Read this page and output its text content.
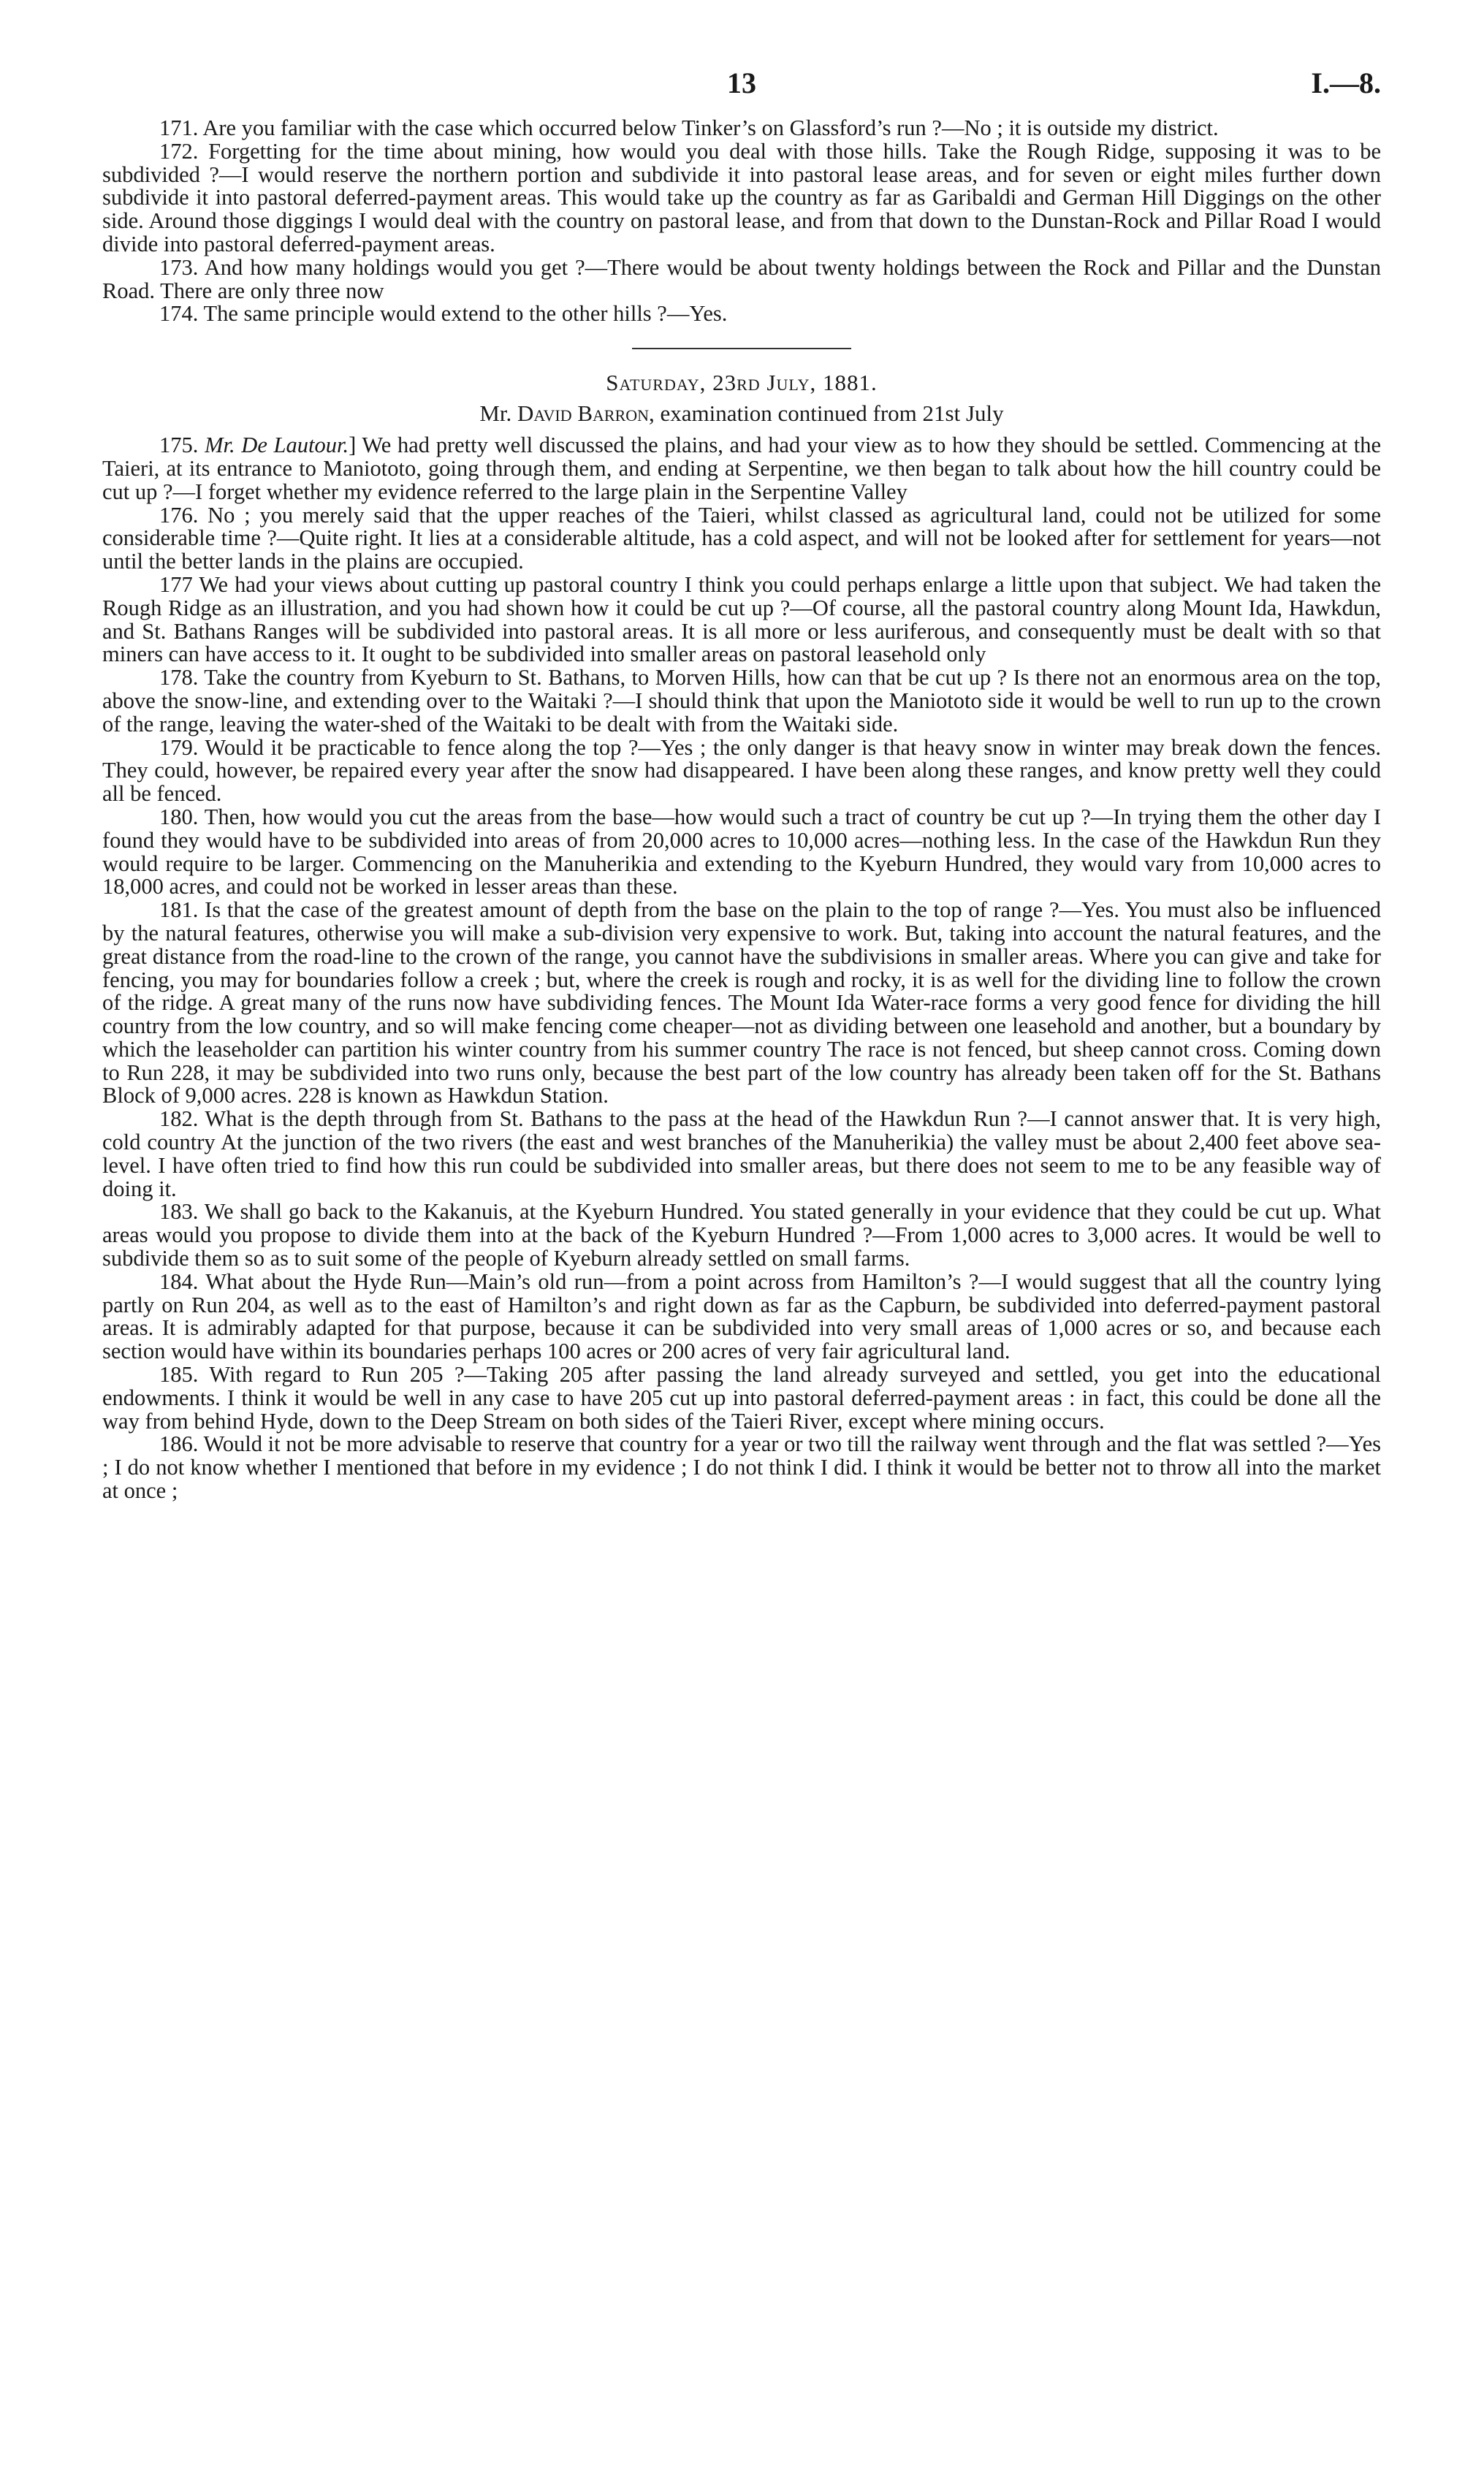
13	I.—8.

171. Are you familiar with the case which occurred below Tinker’s on Glassford’s run ?—No ; it is outside my district.

172. Forgetting for the time about mining, how would you deal with those hills. Take the Rough Ridge, supposing it was to be subdivided ?—I would reserve the northern portion and subdivide it into pastoral lease areas, and for seven or eight miles further down subdivide it into pastoral deferred-payment areas. This would take up the country as far as Garibaldi and German Hill Diggings on the other side. Around those diggings I would deal with the country on pastoral lease, and from that down to the Dunstan-Rock and Pillar Road I would divide into pastoral deferred-payment areas.

173. And how many holdings would you get ?—There would be about twenty holdings between the Rock and Pillar and the Dunstan Road. There are only three now

174. The same principle would extend to the other hills ?—Yes.

Saturday, 23rd July, 1881.

Mr. David Barron, examination continued from 21st July

175. Mr. De Lautour.] We had pretty well discussed the plains, and had your view as to how they should be settled. Commencing at the Taieri, at its entrance to Maniototo, going through them, and ending at Serpentine, we then began to talk about how the hill country could be cut up ?—I forget whether my evidence referred to the large plain in the Serpentine Valley

176. No ; you merely said that the upper reaches of the Taieri, whilst classed as agricultural land, could not be utilized for some considerable time ?—Quite right. It lies at a considerable altitude, has a cold aspect, and will not be looked after for settlement for years—not until the better lands in the plains are occupied.

177 We had your views about cutting up pastoral country I think you could perhaps enlarge a little upon that subject. We had taken the Rough Ridge as an illustration, and you had shown how it could be cut up ?—Of course, all the pastoral country along Mount Ida, Hawkdun, and St. Bathans Ranges will be subdivided into pastoral areas. It is all more or less auriferous, and consequently must be dealt with so that miners can have access to it. It ought to be subdivided into smaller areas on pastoral leasehold only

178. Take the country from Kyeburn to St. Bathans, to Morven Hills, how can that be cut up ? Is there not an enormous area on the top, above the snow-line, and extending over to the Waitaki ?—I should think that upon the Maniototo side it would be well to run up to the crown of the range, leaving the water-shed of the Waitaki to be dealt with from the Waitaki side.

179. Would it be practicable to fence along the top ?—Yes ; the only danger is that heavy snow in winter may break down the fences. They could, however, be repaired every year after the snow had disappeared. I have been along these ranges, and know pretty well they could all be fenced.

180. Then, how would you cut the areas from the base—how would such a tract of country be cut up ?—In trying them the other day I found they would have to be subdivided into areas of from 20,000 acres to 10,000 acres—nothing less. In the case of the Hawkdun Run they would require to be larger. Commencing on the Manuherikia and extending to the Kyeburn Hundred, they would vary from 10,000 acres to 18,000 acres, and could not be worked in lesser areas than these.

181. Is that the case of the greatest amount of depth from the base on the plain to the top of range ?—Yes. You must also be influenced by the natural features, otherwise you will make a sub-division very expensive to work. But, taking into account the natural features, and the great distance from the road-line to the crown of the range, you cannot have the subdivisions in smaller areas. Where you can give and take for fencing, you may for boundaries follow a creek ; but, where the creek is rough and rocky, it is as well for the dividing line to follow the crown of the ridge. A great many of the runs now have subdividing fences. The Mount Ida Water-race forms a very good fence for dividing the hill country from the low country, and so will make fencing come cheaper—not as dividing between one leasehold and another, but a boundary by which the leaseholder can partition his winter country from his summer country The race is not fenced, but sheep cannot cross. Coming down to Run 228, it may be subdivided into two runs only, because the best part of the low country has already been taken off for the St. Bathans Block of 9,000 acres. 228 is known as Hawkdun Station.

182. What is the depth through from St. Bathans to the pass at the head of the Hawkdun Run ?—I cannot answer that. It is very high, cold country At the junction of the two rivers (the east and west branches of the Manuherikia) the valley must be about 2,400 feet above sea-level. I have often tried to find how this run could be subdivided into smaller areas, but there does not seem to me to be any feasible way of doing it.

183. We shall go back to the Kakanuis, at the Kyeburn Hundred. You stated generally in your evidence that they could be cut up. What areas would you propose to divide them into at the back of the Kyeburn Hundred ?—From 1,000 acres to 3,000 acres. It would be well to subdivide them so as to suit some of the people of Kyeburn already settled on small farms.

184. What about the Hyde Run—Main’s old run—from a point across from Hamilton’s ?—I would suggest that all the country lying partly on Run 204, as well as to the east of Hamilton’s and right down as far as the Capburn, be subdivided into deferred-payment pastoral areas. It is admirably adapted for that purpose, because it can be subdivided into very small areas of 1,000 acres or so, and because each section would have within its boundaries perhaps 100 acres or 200 acres of very fair agricultural land.

185. With regard to Run 205 ?—Taking 205 after passing the land already surveyed and settled, you get into the educational endowments. I think it would be well in any case to have 205 cut up into pastoral deferred-payment areas : in fact, this could be done all the way from behind Hyde, down to the Deep Stream on both sides of the Taieri River, except where mining occurs.

186. Would it not be more advisable to reserve that country for a year or two till the railway went through and the flat was settled ?—Yes ; I do not know whether I mentioned that before in my evidence ; I do not think I did. I think it would be better not to throw all into the market at once ;
